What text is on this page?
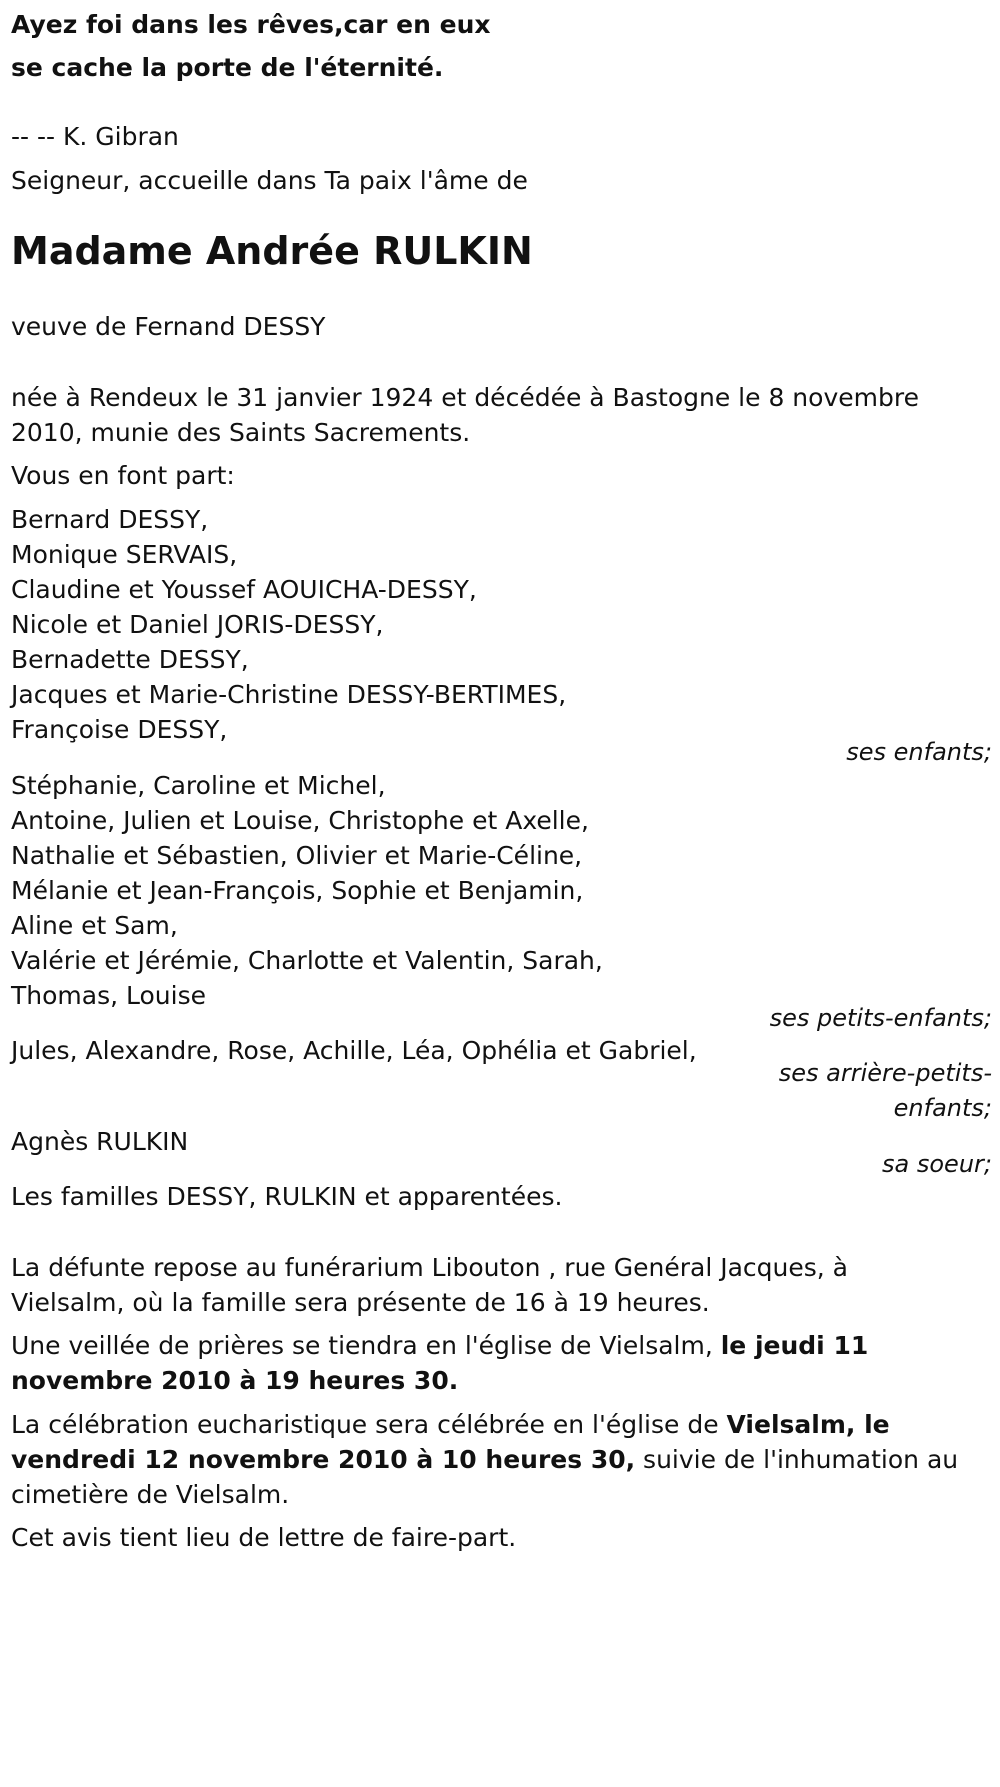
Ayez foi dans les rêves,car en eux
se cache la porte de l'éternité.
-- -- K. Gibran
Seigneur, accueille dans Ta paix l'âme de
Madame Andrée RULKIN
veuve de Fernand DESSY
née à Rendeux le 31 janvier 1924 et décédée à Bastogne le 8 novembre
2010, munie des Saints Sacrements.
Vous en font part:
Bernard DESSY,
Monique SERVAIS,
Claudine et Youssef AOUICHA-DESSY,
Nicole et Daniel JORIS-DESSY,
Bernadette DESSY,
Jacques et Marie-Christine DESSY-BERTIMES,
Françoise DESSY,
ses enfants;
Stéphanie, Caroline et Michel,
Antoine, Julien et Louise, Christophe et Axelle,
Nathalie et Sébastien, Olivier et Marie-Céline,
Mélanie et Jean-François, Sophie et Benjamin,
Aline et Sam,
Valérie et Jérémie, Charlotte et Valentin, Sarah,
Thomas, Louise
ses petits-enfants;
Jules, Alexandre, Rose, Achille, Léa, Ophélia et Gabriel,
ses arrière-petits-
enfants;
Agnès RULKIN
sa soeur;
Les familles DESSY, RULKIN et apparentées.
La défunte repose au funérarium Libouton , rue Genéral Jacques, à
Vielsalm, où la famille sera présente de 16 à 19 heures.
Une veillée de prières se tiendra en l'église de Vielsalm, le jeudi 11
novembre 2010 à 19 heures 30.
La célébration eucharistique sera célébrée en l'église de Vielsalm, le
vendredi 12 novembre 2010 à 10 heures 30, suivie de l'inhumation au
cimetière de Vielsalm.
Cet avis tient lieu de lettre de faire-part.
